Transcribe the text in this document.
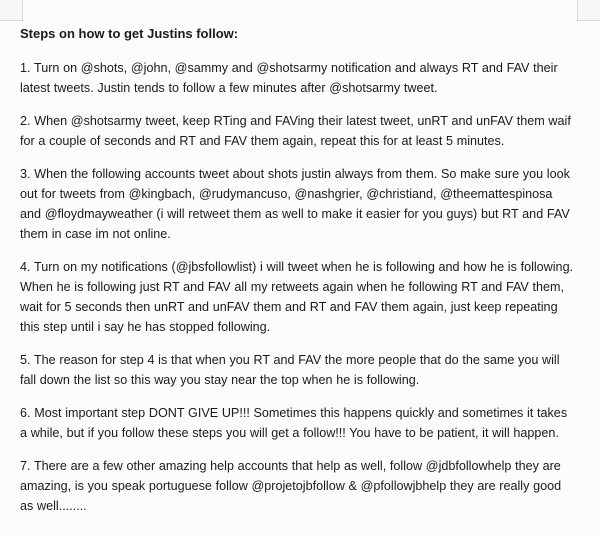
Steps on how to get Justins follow:

1. Turn on @shots, @john, @sammy and @shotsarmy notification and always RT and FAV their latest tweets. Justin tends to follow a few minutes after @shotsarmy tweet.

2. When @shotsarmy tweet, keep RTing and FAVing their latest tweet, unRT and unFAV them waif for a couple of seconds and RT and FAV them again, repeat this for at least 5 minutes.

3. When the following accounts tweet about shots justin always from them. So make sure you look out for tweets from @kingbach, @rudymancuso, @nashgrier, @christiand, @theemattespinosa and @floydmayweather (i will retweet them as well to make it easier for you guys) but RT and FAV them in case im not online.

4. Turn on my notifications (@jbsfollowlist) i will tweet when he is following and how he is following. When he is following just RT and FAV all my retweets again when he following RT and FAV them, wait for 5 seconds then unRT and unFAV them and RT and FAV them again, just keep repeating this step until i say he has stopped following.

5. The reason for step 4 is that when you RT and FAV the more people that do the same you will fall down the list so this way you stay near the top when he is following.

6. Most important step DONT GIVE UP!!! Sometimes this happens quickly and sometimes it takes a while, but if you follow these steps you will get a follow!!! You have to be patient, it will happen.

7. There are a few other amazing help accounts that help as well, follow @jdbfollowhelp they are amazing, is you speak portuguese follow @projetojbfollow & @pfollowjbhelp they are really good as well........
